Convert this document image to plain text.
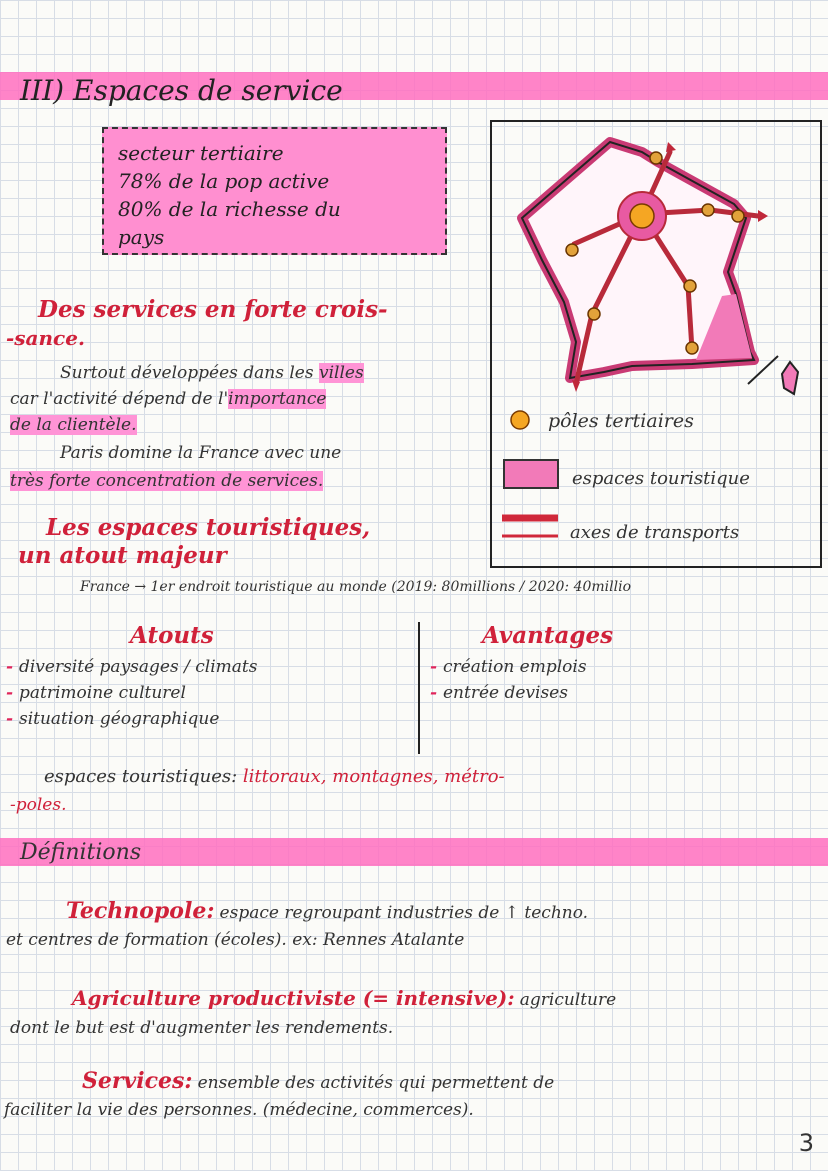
III) Espaces de service
secteur tertiaire
78% de la pop active
80% de la richesse du
pays
pôles tertiaires
espaces touristique
axes de transports
Des services en forte crois-
-sance.
Surtout développées dans les villes
car l'activité dépend de l'importance
de la clientèle.
Paris domine la France avec une
très forte concentration de services.
Les espaces touristiques,
un atout majeur
France → 1er endroit touristique au monde (2019: 80millions / 2020: 40millio
Atouts
- diversité paysages / climats
- patrimoine culturel
- situation géographique
Avantages
- création emplois
- entrée devises
espaces touristiques: littoraux, montagnes, métro-
-poles.
Définitions
Technopole: espace regroupant industries de ↑ techno.
et centres de formation (écoles). ex: Rennes Atalante
Agriculture productiviste (= intensive): agriculture
dont le but est d'augmenter les rendements.
Services: ensemble des activités qui permettent de
faciliter la vie des personnes. (médecine, commerces).
3
